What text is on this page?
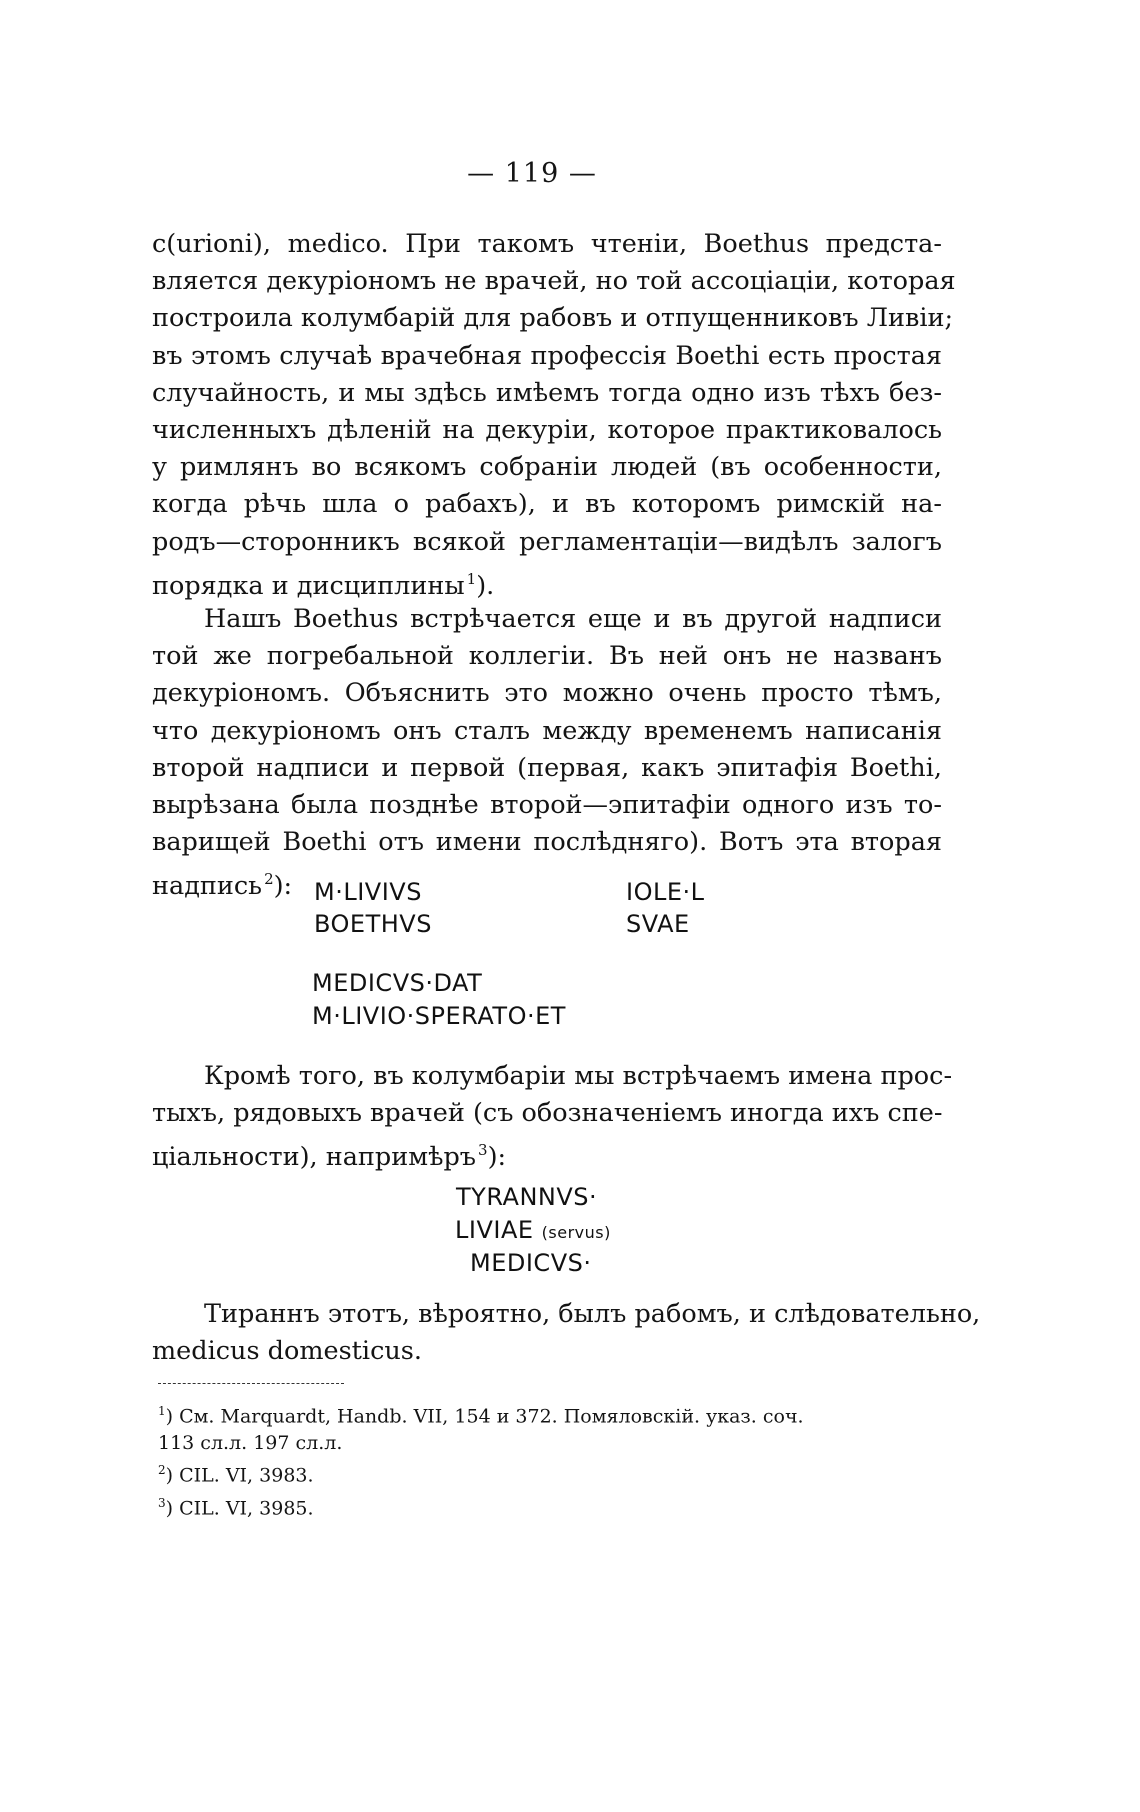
— 119 —
c(urioni), medico. При такомъ чтеніи, Boethus предста-
вляется декуріономъ не врачей, но той ассоціаціи, которая
построила колумбарій для рабовъ и отпущенниковъ Ливіи;
въ этомъ случаѣ врачебная профессія Boethi есть простая
случайность, и мы здѣсь имѣемъ тогда одно изъ тѣхъ без-
численныхъ дѣленій на декуріи, которое практиковалось
у римлянъ во всякомъ собраніи людей (въ особенности,
когда рѣчь шла о рабахъ), и въ которомъ римскій на-
родъ—сторонникъ всякой регламентаціи—видѣлъ залогъ
порядка и дисциплины $^1$).
Нашъ Boethus встрѣчается еще и въ другой надписи
той же погребальной коллегіи. Въ ней онъ не названъ
декуріономъ. Объяснить это можно очень просто тѣмъ,
что декуріономъ онъ сталъ между временемъ написанія
второй надписи и первой (первая, какъ эпитафія Boethi,
вырѣзана была позднѣе второй—эпитафіи одного изъ то-
варищей Boethi отъ имени послѣдняго). Вотъ эта вторая
надпись $^2$): M·LIVIVS
BOETHVS
IOLE·L
SVAE
MEDICVS·DAT
M·LIVIO·SPERATO·ET
Кромѣ того, въ колумбаріи мы встрѣчаемъ имена прос-
тыхъ, рядовыхъ врачей (съ обозначеніемъ иногда ихъ спе-
ціальности), напримѣръ $^3$):
TYRANNVS·
LIVIAE (servus)
MEDICVS·
Тираннъ этотъ, вѣроятно, былъ рабомъ, и слѣдовательно,
medicus domesticus.
$^1$) См. Marquardt, Handb. VII, 154 и 372. Помяловскій. указ. соч.
113 сл.л. 197 сл.л.
$^2$) CIL. VI, 3983.
$^3$) CIL. VI, 3985.
